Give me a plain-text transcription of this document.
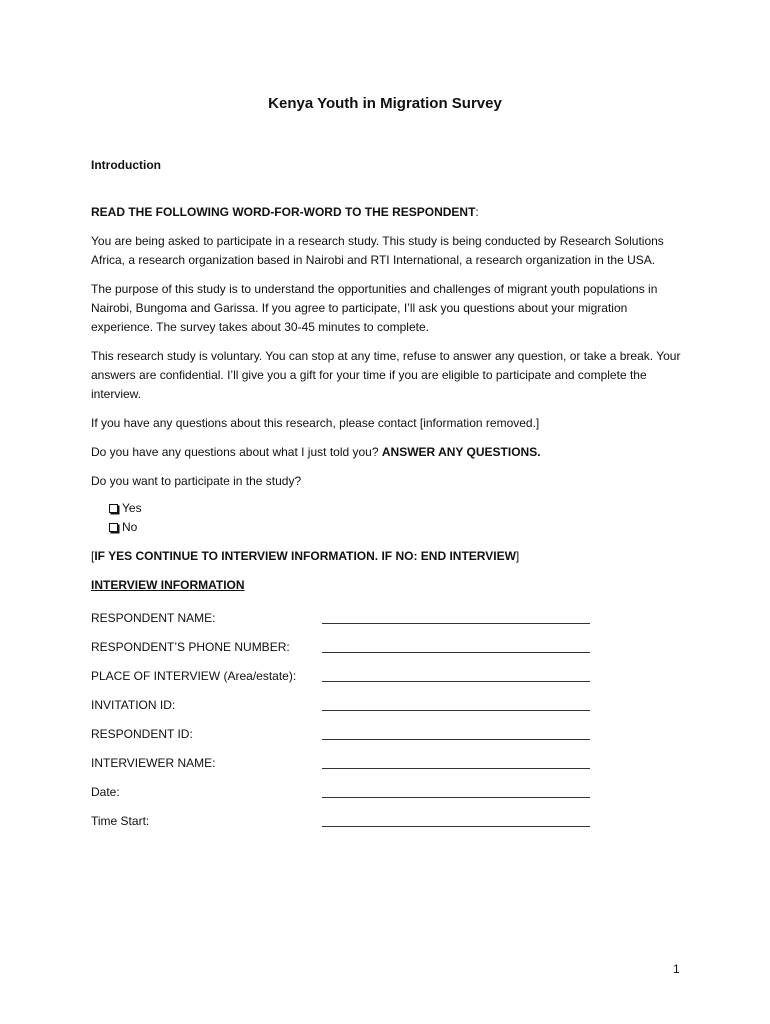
Kenya Youth in Migration Survey
Introduction

READ THE FOLLOWING WORD-FOR-WORD TO THE RESPONDENT:

You are being asked to participate in a research study. This study is being conducted by Research Solutions Africa, a research organization based in Nairobi and RTI International, a research organization in the USA.

The purpose of this study is to understand the opportunities and challenges of migrant youth populations in Nairobi, Bungoma and Garissa. If you agree to participate, I’ll ask you questions about your migration experience. The survey takes about 30-45 minutes to complete.

This research study is voluntary. You can stop at any time, refuse to answer any question, or take a break. Your answers are confidential. I’ll give you a gift for your time if you are eligible to participate and complete the interview.

If you have any questions about this research, please contact [information removed.]

Do you have any questions about what I just told you? ANSWER ANY QUESTIONS.

Do you want to participate in the study?

Yes
No

[IF YES CONTINUE TO INTERVIEW INFORMATION. IF NO: END INTERVIEW]

INTERVIEW INFORMATION

RESPONDENT NAME:
RESPONDENT’S PHONE NUMBER:
PLACE OF INTERVIEW (Area/estate):
INVITATION ID:
RESPONDENT ID:
INTERVIEWER NAME:
Date:
Time Start:
1
